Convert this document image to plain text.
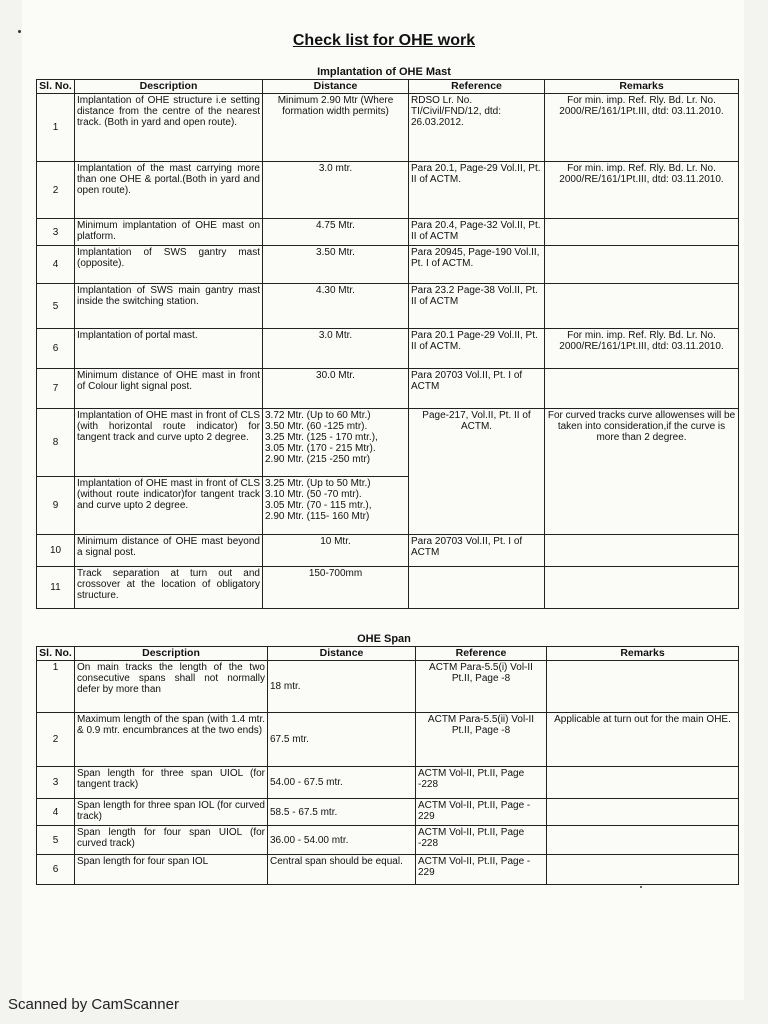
Check list for OHE work
Implantation of OHE Mast
Sl. No.	Description	Distance	Reference	Remarks
1	Implantation of OHE structure i.e setting distance from the centre of the nearest track. (Both in yard and open route).	Minimum 2.90 Mtr (Where formation width permits)	RDSO Lr. No. TI/Civil/FND/12, dtd: 26.03.2012.	For min. imp. Ref. Rly. Bd. Lr. No. 2000/RE/161/1Pt.III, dtd: 03.11.2010.
2	Implantation of the mast carrying more than one OHE & portal.(Both in yard and open route).	3.0 mtr.	Para 20.1, Page-29 Vol.II, Pt. II of ACTM.	For min. imp. Ref. Rly. Bd. Lr. No. 2000/RE/161/1Pt.III, dtd: 03.11.2010.
3	Minimum implantation of OHE mast on platform.	4.75 Mtr.	Para 20.4, Page-32 Vol.II, Pt. II of ACTM	
4	Implantation of SWS gantry mast (opposite).	3.50 Mtr.	Para 20945, Page-190 Vol.II, Pt. I of ACTM.	
5	Implantation of SWS main gantry mast inside the switching station.	4.30 Mtr.	Para 23.2 Page-38 Vol.II, Pt. II of ACTM	
6	Implantation of portal mast.	3.0 Mtr.	Para 20.1 Page-29 Vol.II, Pt. II of ACTM.	For min. imp. Ref. Rly. Bd. Lr. No. 2000/RE/161/1Pt.III, dtd: 03.11.2010.
7	Minimum distance of OHE mast in front of Colour light signal post.	30.0 Mtr.	Para 20703 Vol.II, Pt. I of ACTM	
8	Implantation of OHE mast in front of CLS (with horizontal route indicator) for tangent track and curve upto 2 degree.	3.72 Mtr. (Up to 60 Mtr.)
3.50 Mtr. (60 -125 mtr).
3.25 Mtr. (125 - 170 mtr.),
3.05 Mtr. (170 - 215 Mtr).
2.90 Mtr. (215 -250 mtr)	Page-217, Vol.II, Pt. II of ACTM.	For curved tracks curve allowenses will be taken into consideration,if the curve is more than 2 degree.
9	Implantation of OHE mast in front of CLS (without route indicator)for tangent track and curve upto 2 degree.	3.25 Mtr. (Up to 50 Mtr.)
3.10 Mtr. (50 -70 mtr).
3.05 Mtr. (70 - 115 mtr.),
2.90 Mtr. (115- 160 Mtr)		

10	Minimum distance of OHE mast beyond a signal post.	10 Mtr.	Para 20703 Vol.II, Pt. I of ACTM	
11	Track separation at turn out and crossover at the location of obligatory structure.	150-700mm		
OHE Span
Sl. No.	Description	Distance	Reference	Remarks
1	On main tracks the length of the two consecutive spans shall not normally defer by more than	18 mtr.	ACTM Para-5.5(i) Vol-II Pt.II, Page -8	
2	Maximum length of the span (with 1.4 mtr. & 0.9 mtr. encumbrances at the two ends)	67.5 mtr.	ACTM Para-5.5(ii) Vol-II Pt.II, Page -8	Applicable at turn out for the main OHE.
3	Span length for three span UIOL (for tangent track)	54.00 - 67.5 mtr.	ACTM Vol-II, Pt.II, Page -228	
4	Span length for three span IOL (for curved track)	58.5 - 67.5 mtr.	ACTM Vol-II, Pt.II, Page - 229	
5	Span length for four span UIOL (for curved track)	36.00 - 54.00 mtr.	ACTM Vol-II, Pt.II, Page -228	
6	Span length for four span IOL	Central span should be equal.	ACTM Vol-II, Pt.II, Page - 229	
Scanned by CamScanner
